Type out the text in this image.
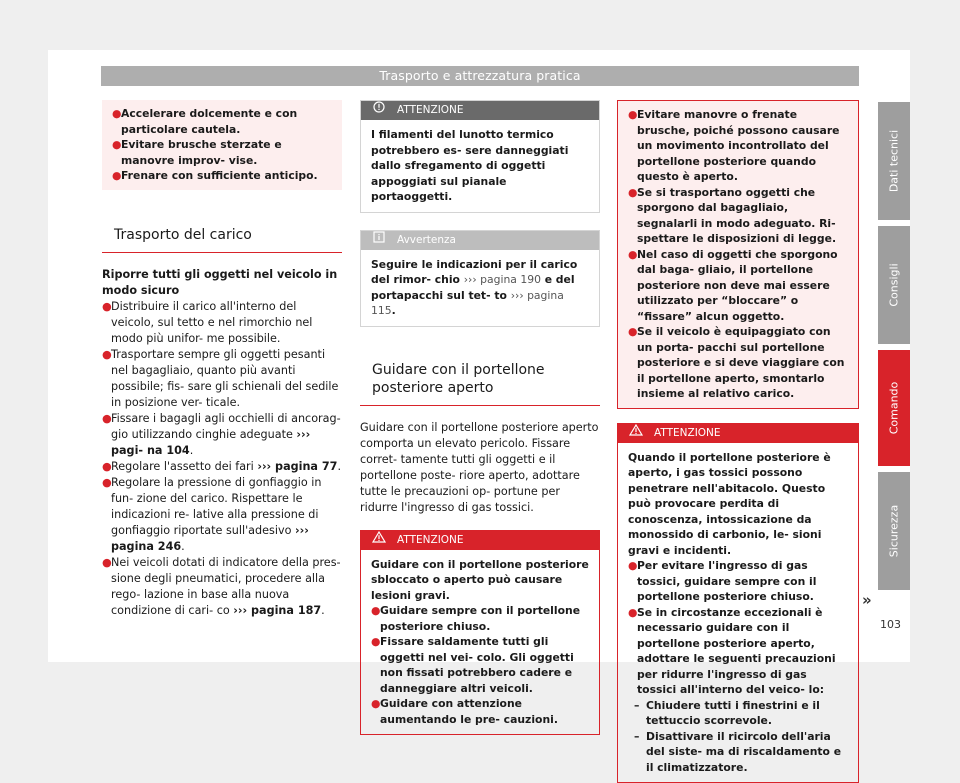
Trasporto e attrezzatura pratica
● Accelerare dolcemente e con particolare cautela.
● Evitare brusche sterzate e manovre improv- vise.
● Frenare con sufficiente anticipo.
Trasporto del carico

Riporre tutti gli oggetti nel veicolo in modo sicuro

● Distribuire il carico all'interno del veicolo, sul tetto e nel rimorchio nel modo più unifor- me possibile.
● Trasportare sempre gli oggetti pesanti nel bagagliaio, quanto più avanti possibile; fis- sare gli schienali del sedile in posizione ver- ticale.
● Fissare i bagagli agli occhielli di ancorag- gio utilizzando cinghie adeguate ››› pagi- na 104.
● Regolare l'assetto dei fari ››› pagina 77.
● Regolare la pressione di gonfiaggio in fun- zione del carico. Rispettare le indicazioni re- lative alla pressione di gonfiaggio riportate sull'adesivo ››› pagina 246.
● Nei veicoli dotati di indicatore della pres- sione degli pneumatici, procedere alla rego- lazione in base alla nuova condizione di cari- co ››› pagina 187.
ATTENZIONE
I filamenti del lunotto termico potrebbero es- sere danneggiati dallo sfregamento di oggetti appoggiati sul pianale portaoggetti.
Avvertenza
Seguire le indicazioni per il carico del rimor- chio ››› pagina 190 e del portapacchi sul tet- to ››› pagina 115.
Guidare con il portellone posteriore aperto
Guidare con il portellone posteriore aperto comporta un elevato pericolo. Fissare corret- tamente tutti gli oggetti e il portellone poste- riore aperto, adottare tutte le precauzioni op- portune per ridurre l'ingresso di gas tossici.
ATTENZIONE
Guidare con il portellone posteriore sbloccato o aperto può causare lesioni gravi.
● Guidare sempre con il portellone posteriore chiuso.
● Fissare saldamente tutti gli oggetti nel vei- colo. Gli oggetti non fissati potrebbero cadere e danneggiare altri veicoli.
● Guidare con attenzione aumentando le pre- cauzioni.
● Evitare manovre o frenate brusche, poiché possono causare un movimento incontrollato del portellone posteriore quando questo è aperto.
● Se si trasportano oggetti che sporgono dal bagagliaio, segnalarli in modo adeguato. Ri- spettare le disposizioni di legge.
● Nel caso di oggetti che sporgono dal baga- gliaio, il portellone posteriore non deve mai essere utilizzato per “bloccare” o “fissare” alcun oggetto.
● Se il veicolo è equipaggiato con un porta- pacchi sul portellone posteriore e si deve viaggiare con il portellone aperto, smontarlo insieme al relativo carico.
ATTENZIONE
Quando il portellone posteriore è aperto, i gas tossici possono penetrare nell'abitacolo. Questo può provocare perdita di conoscenza, intossicazione da monossido di carbonio, le- sioni gravi e incidenti.
● Per evitare l'ingresso di gas tossici, guidare sempre con il portellone posteriore chiuso.
● Se in circostanze eccezionali è necessario guidare con il portellone posteriore aperto, adottare le seguenti precauzioni per ridurre l'ingresso di gas tossici all'interno del veico- lo:
– Chiudere tutti i finestrini e il tettuccio scorrevole.
– Disattivare il ricircolo dell'aria del siste- ma di riscaldamento e il climatizzatore.
»
Dati tecnici
Consigli
Comando
Sicurezza
103
